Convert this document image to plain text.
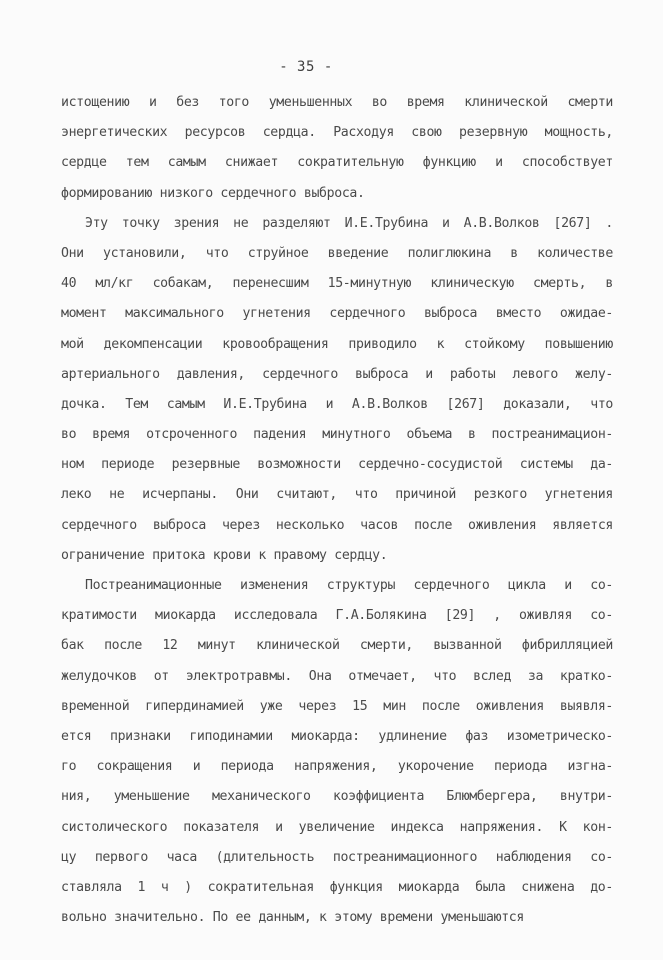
- 35 -
истощению и без того уменьшенных во время клинической смерти
энергетических ресурсов сердца. Расходуя свою резервную мощность,
сердце тем самым снижает сократительную функцию и способствует
формированию низкого сердечного выброса.
Эту точку зрения не разделяют И.Е.Трубина и А.В.Волков [267] .
Они установили, что струйное введение полиглюкина в количестве
40 мл/кг собакам, перенесшим 15-минутную клиническую смерть, в
момент максимального угнетения сердечного выброса вместо ожидае-
мой декомпенсации кровообращения приводило к стойкому повышению
артериального давления, сердечного выброса и работы левого желу-
дочка. Тем самым И.Е.Трубина и А.В.Волков [267] доказали, что
во время отсроченного падения минутного объема в постреанимацион-
ном периоде резервные возможности сердечно-сосудистой системы да-
леко не исчерпаны. Они считают, что причиной резкого угнетения
сердечного выброса через несколько часов после оживления является
ограничение притока крови к правому сердцу.
Постреанимационные изменения структуры сердечного цикла и со-
кратимости миокарда исследовала Г.А.Болякина [29] , оживляя со-
бак после 12 минут клинической смерти, вызванной фибрилляцией
желудочков от электротравмы. Она отмечает, что вслед за кратко-
временной гипердинамией уже через 15 мин после оживления выявля-
ется признаки гиподинамии миокарда: удлинение фаз изометрическо-
го сокращения и периода напряжения, укорочение периода изгна-
ния, уменьшение механического коэффициента Блюмбергера, внутри-
систолического показателя и увеличение индекса напряжения. К кон-
цу первого часа (длительность постреанимационного наблюдения со-
ставляла 1 ч ) сократительная функция миокарда была снижена до-
вольно значительно. По ее данным, к этому времени уменьшаются
